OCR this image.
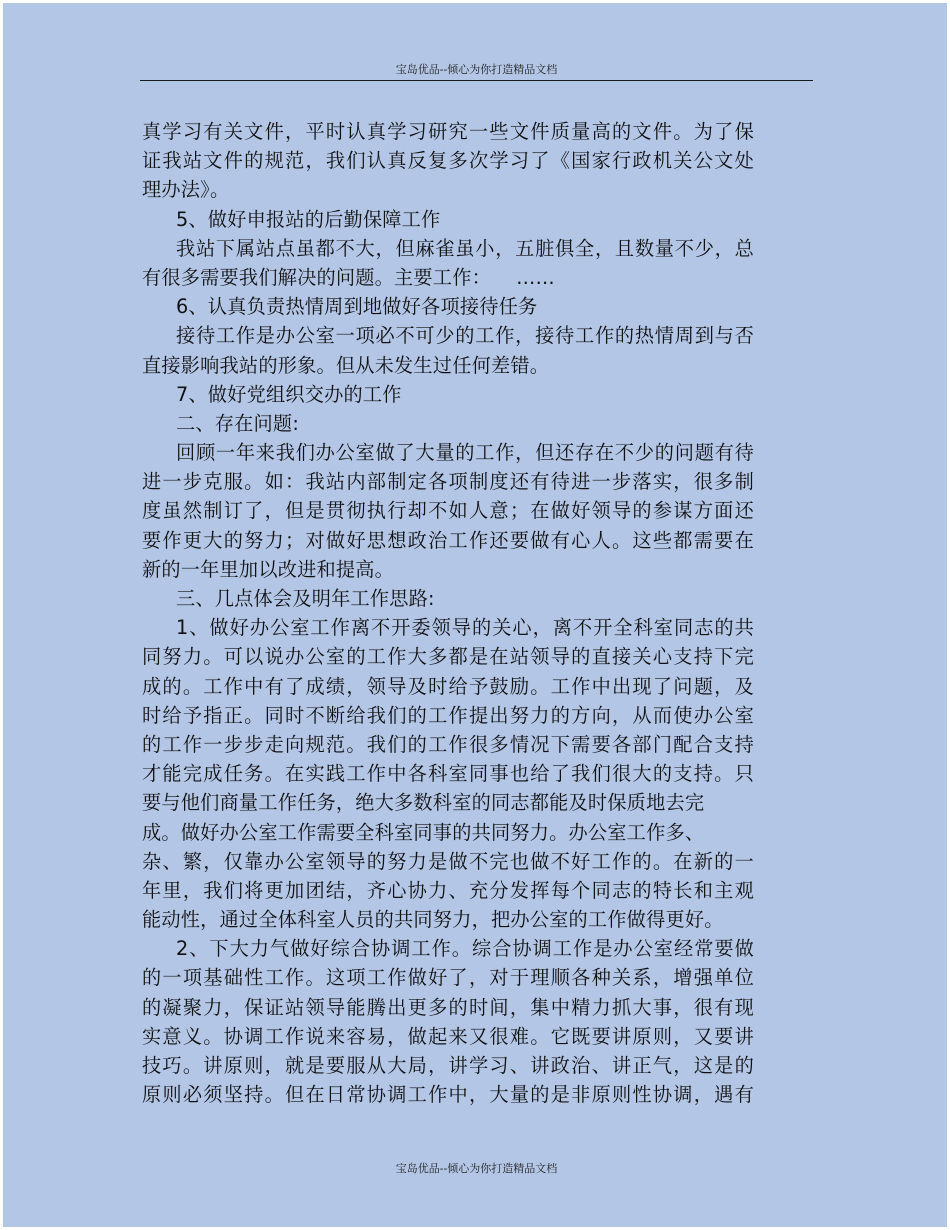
宝岛优品--倾心为你打造精品文档
真学习有关文件，平时认真学习研究一些文件质量高的文件。为了保
证我站文件的规范，我们认真反复多次学习了《国家行政机关公文处
理办法》。
5、做好申报站的后勤保障工作
我站下属站点虽都不大，但麻雀虽小，五脏俱全，且数量不少，总
有很多需要我们解决的问题。主要工作：    ……
6、认真负责热情周到地做好各项接待任务
接待工作是办公室一项必不可少的工作，接待工作的热情周到与否
直接影响我站的形象。但从未发生过任何差错。
7、做好党组织交办的工作
二、存在问题:
回顾一年来我们办公室做了大量的工作，但还存在不少的问题有待
进一步克服。如：我站内部制定各项制度还有待进一步落实，很多制
度虽然制订了，但是贯彻执行却不如人意；在做好领导的参谋方面还
要作更大的努力；对做好思想政治工作还要做有心人。这些都需要在
新的一年里加以改进和提高。
三、几点体会及明年工作思路:
1、做好办公室工作离不开委领导的关心，离不开全科室同志的共
同努力。可以说办公室的工作大多都是在站领导的直接关心支持下完
成的。工作中有了成绩，领导及时给予鼓励。工作中出现了问题，及
时给予指正。同时不断给我们的工作提出努力的方向，从而使办公室
的工作一步步走向规范。我们的工作很多情况下需要各部门配合支持
才能完成任务。在实践工作中各科室同事也给了我们很大的支持。只
要与他们商量工作任务，绝大多数科室的同志都能及时保质地去完
成。做好办公室工作需要全科室同事的共同努力。办公室工作多、
杂、繁，仅靠办公室领导的努力是做不完也做不好工作的。在新的一
年里，我们将更加团结，齐心协力、充分发挥每个同志的特长和主观
能动性，通过全体科室人员的共同努力，把办公室的工作做得更好。
2、下大力气做好综合协调工作。综合协调工作是办公室经常要做
的一项基础性工作。这项工作做好了，对于理顺各种关系，增强单位
的凝聚力，保证站领导能腾出更多的时间，集中精力抓大事，很有现
实意义。协调工作说来容易，做起来又很难。它既要讲原则，又要讲
技巧。讲原则，就是要服从大局，讲学习、讲政治、讲正气，这是的
原则必须坚持。但在日常协调工作中，大量的是非原则性协调，遇有
宝岛优品--倾心为你打造精品文档
